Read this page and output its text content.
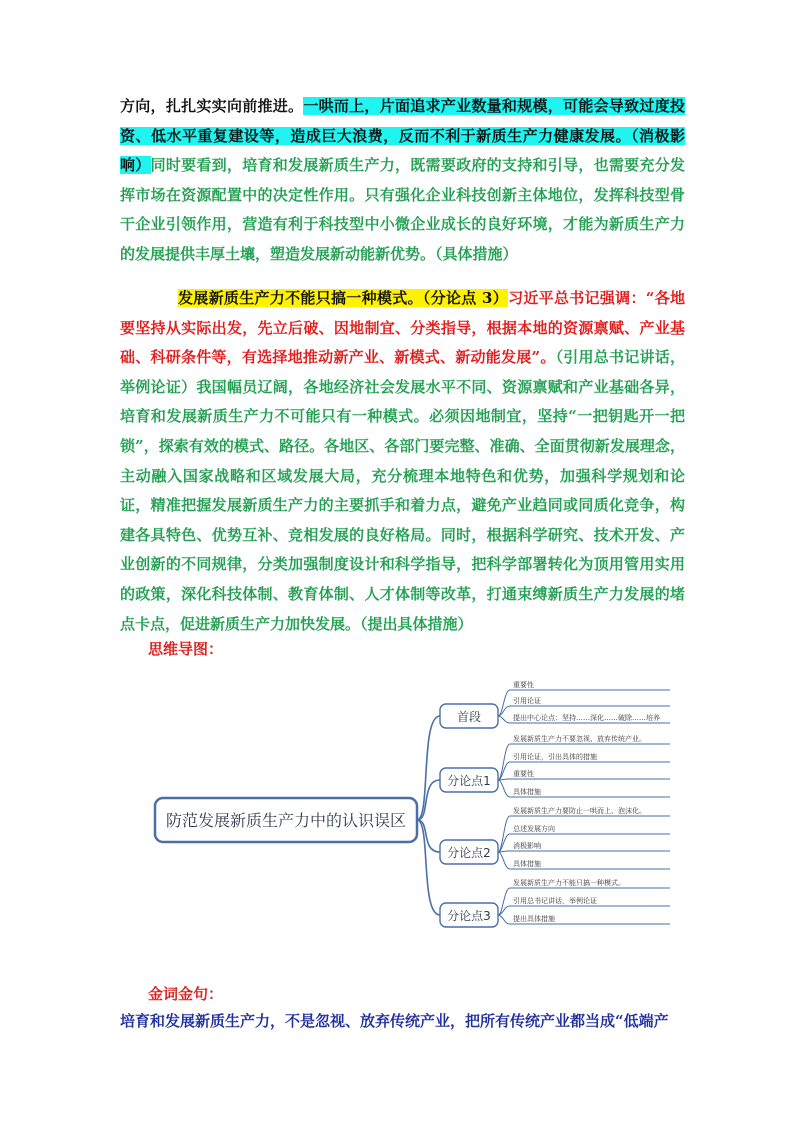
方向，扎扎实实向前推进。一哄而上，片面追求产业数量和规模，可能会导致过度投资、低水平重复建设等，造成巨大浪费，反而不利于新质生产力健康发展。（消极影响）同时要看到，培育和发展新质生产力，既需要政府的支持和引导，也需要充分发挥市场在资源配置中的决定性作用。只有强化企业科技创新主体地位，发挥科技型骨干企业引领作用，营造有利于科技型中小微企业成长的良好环境，才能为新质生产力的发展提供丰厚土壤，塑造发展新动能新优势。（具体措施）

发展新质生产力不能只搞一种模式。（分论点 3）习近平总书记强调：“各地要坚持从实际出发，先立后破、因地制宜、分类指导，根据本地的资源禀赋、产业基础、科研条件等，有选择地推动新产业、新模式、新动能发展”。（引用总书记讲话，举例论证）我国幅员辽阔，各地经济社会发展水平不同、资源禀赋和产业基础各异，培育和发展新质生产力不可能只有一种模式。必须因地制宜，坚持“一把钥匙开一把锁”，探索有效的模式、路径。各地区、各部门要完整、准确、全面贯彻新发展理念，主动融入国家战略和区域发展大局，充分梳理本地特色和优势，加强科学规划和论证，精准把握发展新质生产力的主要抓手和着力点，避免产业趋同或同质化竞争，构建各具特色、优势互补、竞相发展的良好格局。同时，根据科学研究、技术开发、产业创新的不同规律，分类加强制度设计和科学指导，把科学部署转化为顶用管用实用的政策，深化科技体制、教育体制、人才体制等改革，打通束缚新质生产力发展的堵点卡点，促进新质生产力加快发展。（提出具体措施）

思维导图：
防范发展新质生产力中的认识误区
首段
重要性
引用论证
提出中心论点：坚持……深化……破除……培养
分论点1
发展新质生产力不要忽视、放弃传统产业。
引用论证，引出具体的措施
重要性
具体措施
分论点2
发展新质生产力要防止一哄而上、泡沫化。
总述发展方向
消极影响
具体措施
分论点3
发展新质生产力不能只搞一种模式。
引用总书记讲话，举例论证
提出具体措施
金词金句：

培育和发展新质生产力，不是忽视、放弃传统产业，把所有传统产业都当成“低端产
